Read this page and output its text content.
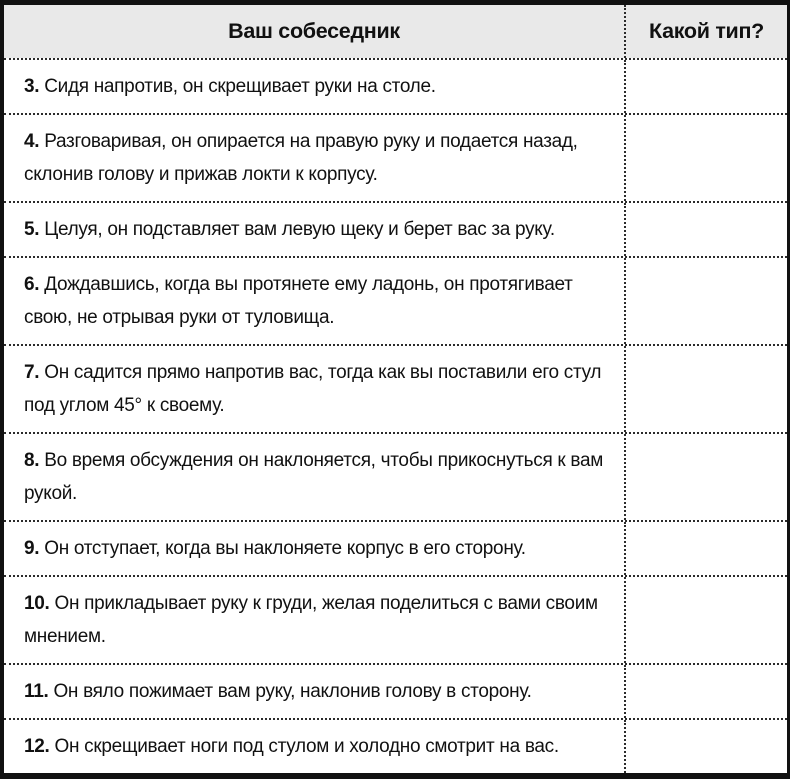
Ваш собеседник	Какой тип?
3. Сидя напротив, он скрещивает руки на столе.
4. Разговаривая, он опирается на правую руку и подается назад, склонив голову и прижав локти к корпусу.
5. Целуя, он подставляет вам левую щеку и берет вас за руку.
6. Дождавшись, когда вы протянете ему ладонь, он протягивает свою, не отрывая руки от туловища.
7. Он садится прямо напротив вас, тогда как вы поставили его стул под углом 45° к своему.
8. Во время обсуждения он наклоняется, чтобы прикоснуться к вам рукой.
9. Он отступает, когда вы наклоняете корпус в его сторону.
10. Он прикладывает руку к груди, желая поделиться с вами своим мнением.
11. Он вяло пожимает вам руку, наклонив голову в сторону.
12. Он скрещивает ноги под стулом и холодно смотрит на вас.
